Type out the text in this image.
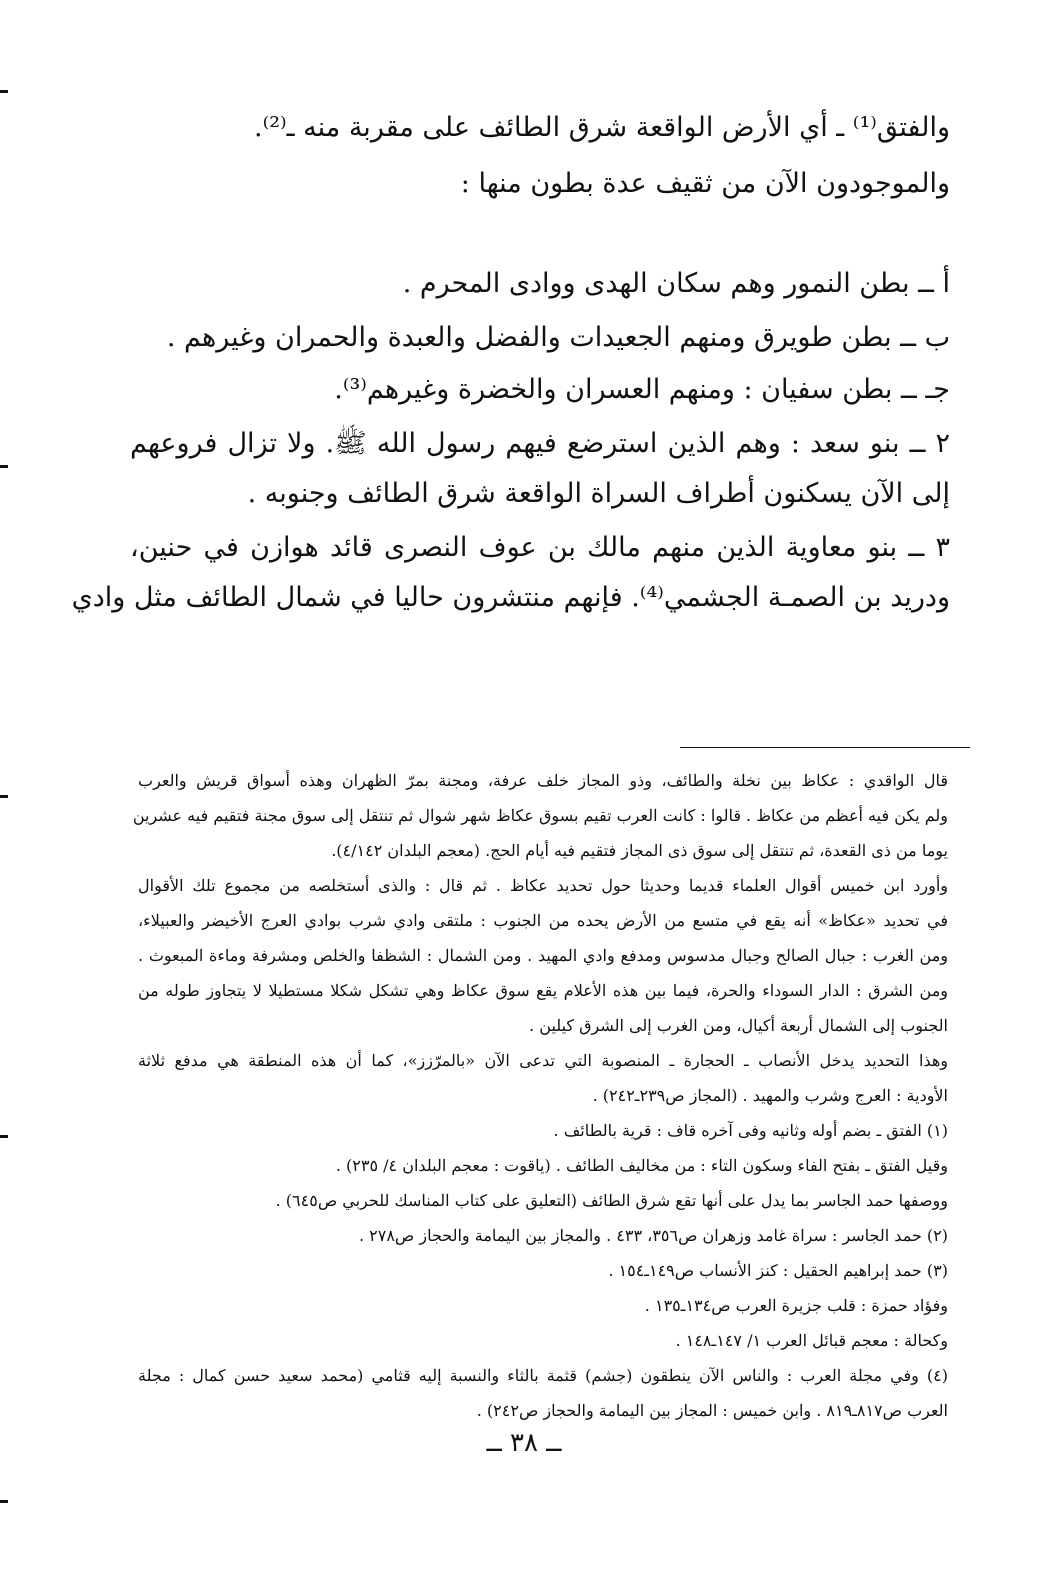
والفتق⁽¹⁾ ـ أي الأرض الواقعة شرق الطائف على مقربة منه ـ⁽²⁾.
والموجودون الآن من ثقيف عدة بطون منها :
أ ــ بطن النمور وهم سكان الهدى ووادى المحرم .
ب ــ بطن طويرق ومنهم الجعيدات والفضل والعبدة والحمران وغيرهم .
جـ ــ بطن سفيان : ومنهم العسران والخضرة وغيرهم⁽³⁾.
٢ ــ بنو سعد : وهم الذين استرضع فيهم رسول الله ﷺ. ولا تزال فروعهم
إلى الآن يسكنون أطراف السراة الواقعة شرق الطائف وجنوبه .
٣ ــ بنو معاوية الذين منهم مالك بن عوف النصرى قائد هوازن في حنين،
ودريد بن الصمـة الجشمي⁽⁴⁾. فإنهم منتشرون حاليا في شمال الطائف مثل وادي
قال الواقدي : عكاظ بين نخلة والطائف، وذو المجاز خلف عرفة، ومجنة بمرّ الظهران وهذه أسواق قريش والعرب
ولم يكن فيه أعظم من عكاظ . قالوا : كانت العرب تقيم بسوق عكاظ شهر شوال ثم تنتقل إلى سوق مجنة فتقيم فيه عشرين
يوما من ذى القعدة، ثم تنتقل إلى سوق ذى المجاز فتقيم فيه أيام الحج. (معجم البلدان ٤/١٤٢).
وأورد ابن خميس أقوال العلماء قديما وحديثا حول تحديد عكاظ . ثم قال : والذى أستخلصه من مجموع تلك الأقوال
في تحديد «عكاظ» أنه يقع في متسع من الأرض يحده من الجنوب : ملتقى وادي شرب بوادي العرج الأخيضر والعبيلاء،
ومن الغرب : جبال الصالح وجبال مدسوس ومدفع وادي المهيد . ومن الشمال : الشظفا والخلص ومشرفة وماءة المبعوث .
ومن الشرق : الدار السوداء والحرة، فيما بين هذه الأعلام يقع سوق عكاظ وهي تشكل شكلا مستطيلا لا يتجاوز طوله من
الجنوب إلى الشمال أربعة أكيال، ومن الغرب إلى الشرق كيلين .
وهذا التحديد يدخل الأنصاب ـ الحجارة ـ المنصوبة التي تدعى الآن «بالمرّزز»، كما أن هذه المنطقة هي مدفع ثلاثة
الأودية : العرج وشرب والمهيد . (المجاز ص٢٣٩ـ٢٤٢) .
(١) الفتق ـ بضم أوله وثانيه وفى آخره قاف : قرية بالطائف .
وقيل الفتق ـ بفتح الفاء وسكون التاء : من مخاليف الطائف . (ياقوت : معجم البلدان ٤/ ٢٣٥) .
ووصفها حمد الجاسر بما يدل على أنها تقع شرق الطائف (التعليق على كتاب المناسك للحربي ص٦٤٥) .
(٢) حمد الجاسر : سراة غامد وزهران ص٣٥٦، ٤٣٣ . والمجاز بين اليمامة والحجاز ص٢٧٨ .
(٣) حمد إبراهيم الحقيل : كنز الأنساب ص١٤٩ـ١٥٤ .
وفؤاد حمزة : قلب جزيرة العرب ص١٣٤ـ١٣٥ .
وكحالة : معجم قبائل العرب ١/ ١٤٧ـ١٤٨ .
(٤) وفي مجلة العرب : والناس الآن ينطقون (جشم) قثمة بالثاء والنسبة إليه قثامي (محمد سعيد حسن كمال : مجلة
العرب ص٨١٧ـ٨١٩ . وابن خميس : المجاز بين اليمامة والحجاز ص٢٤٢) .
ــ ٣٨ ــ
